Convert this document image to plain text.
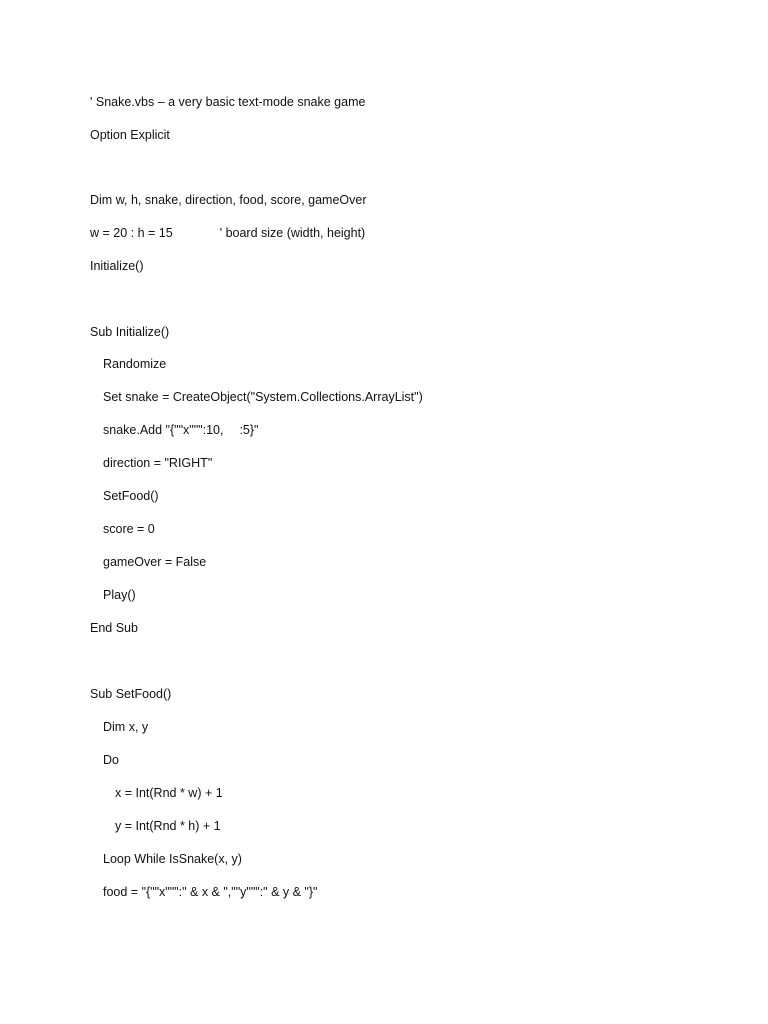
' Snake.vbs – a very basic text-mode snake game
Option Explicit
Dim w, h, snake, direction, food, score, gameOver
w = 20 : h = 15	' board size (width, height)
Initialize()
Sub Initialize()
Randomize
Set snake = CreateObject("System.Collections.ArrayList")
snake.Add "{""x""":10, :5}"
direction = "RIGHT"
SetFood()
score = 0
gameOver = False
Play()
End Sub
Sub SetFood()
Dim x, y
Do
x = Int(Rnd * w) + 1
y = Int(Rnd * h) + 1
Loop While IsSnake(x, y)
food = "{""x""":" & x & ",""y""":" & y & "}"
